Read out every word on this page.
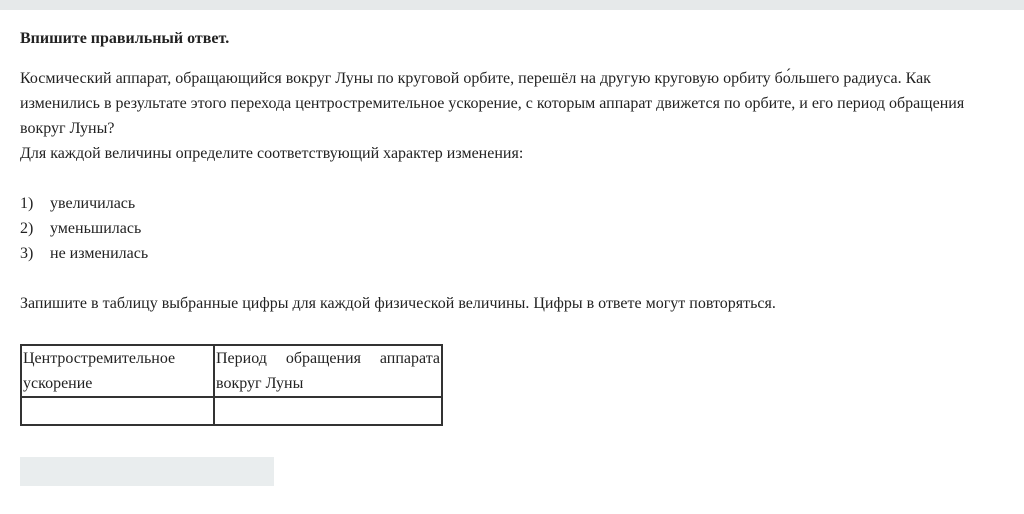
Впишите правильный ответ.

Космический аппарат, обращающийся вокруг Луны по круговой орбите, перешёл на другую круговую орбиту бо́льшего радиуса. Как изменились в результате этого перехода центростремительное ускорение, с которым аппарат движется по орбите, и его период обращения вокруг Луны?

Для каждой величины определите соответствующий характер изменения:

1)	увеличилась
2)	уменьшилась
3)	не изменилась

Запишите в таблицу выбранные цифры для каждой физической величины. Цифры в ответе могут повторяться.

Центростремительное ускорение	Период обращения аппарата вокруг Луны
